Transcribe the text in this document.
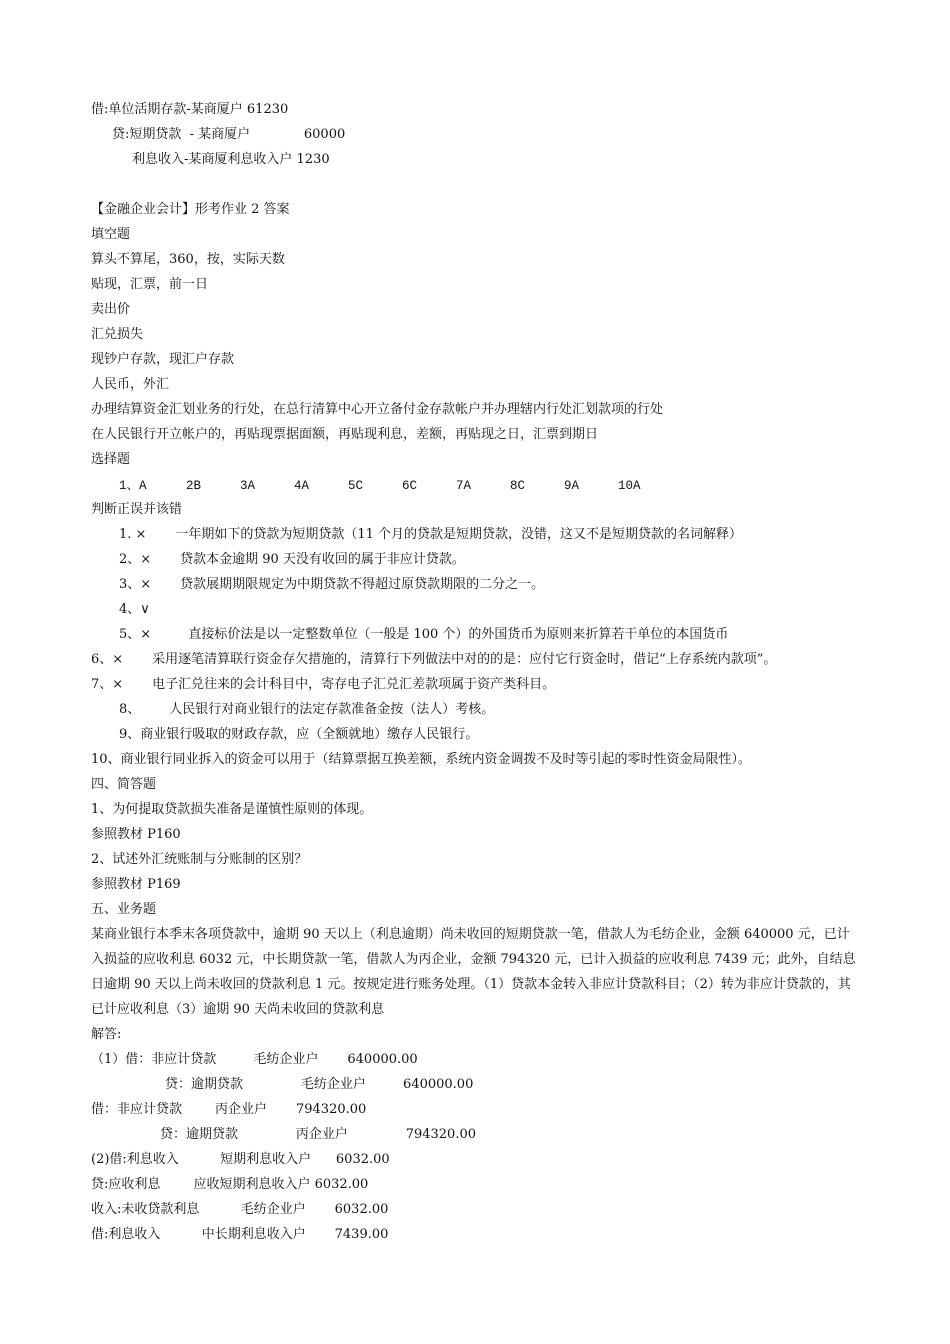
借:单位活期存款-某商厦户 61230
贷:短期贷款  - 某商厦户             60000
利息收入-某商厦利息收入户 1230
【金融企业会计】形考作业 2 答案
填空题
算头不算尾，360，按，实际天数
贴现，汇票，前一日
卖出价
汇兑损失
现钞户存款，现汇户存款
人民币，外汇
办理结算资金汇划业务的行处，在总行清算中心开立备付金存款帐户并办理辖内行处汇划款项的行处
在人民银行开立帐户的，再贴现票据面额，再贴现利息，差额，再贴现之日，汇票到期日
选择题
1、A	2B	3A	4A	5C	6C	7A	8C	9A	10A
判断正误并该错
1. ×       一年期如下的贷款为短期贷款（11 个月的贷款是短期贷款，没错，这又不是短期贷款的名词解释）
2、×       贷款本金逾期 90 天没有收回的属于非应计贷款。
3、×       贷款展期期限规定为中期贷款不得超过原贷款期限的二分之一。
4、∨
5、×         直接标价法是以一定整数单位（一般是 100 个）的外国货币为原则来折算若干单位的本国货币
6、×       采用逐笔清算联行资金存欠措施的，清算行下列做法中对的的是：应付它行资金时，借记“上存系统内款项”。
7、×       电子汇兑往来的会计科目中，寄存电子汇兑汇差款项属于资产类科目。
8、       人民银行对商业银行的法定存款准备金按（法人）考核。
9、商业银行吸取的财政存款，应（全额就地）缴存人民银行。
10、商业银行同业拆入的资金可以用于（结算票据互换差额，系统内资金调拨不及时等引起的零时性资金局限性）。
四、简答题
1、为何提取贷款损失准备是谨慎性原则的体现。
参照教材 P160
2、试述外汇统账制与分账制的区别？
参照教材 P169
五、业务题
某商业银行本季末各项贷款中，逾期 90 天以上（利息逾期）尚未收回的短期贷款一笔，借款人为毛纺企业，金额 640000 元，已计入损益的应收利息 6032 元，中长期贷款一笔，借款人为丙企业，金额 794320 元，已计入损益的应收利息 7439 元；此外，自结息日逾期 90 天以上尚未收回的贷款利息 1 元。按规定进行账务处理。（1）贷款本金转入非应计贷款科目；（2）转为非应计贷款的，其已计应收利息（3）逾期 90 天尚未收回的贷款利息
解答:
（1）借：非应计贷款         毛纺企业户       640000.00
贷：逾期贷款              毛纺企业户         640000.00
借：非应计贷款        丙企业户       794320.00
贷：逾期贷款              丙企业户              794320.00
(2)借:利息收入          短期利息收入户      6032.00
贷:应收利息        应收短期利息收入户 6032.00
收入:未收贷款利息          毛纺企业户       6032.00
借:利息收入          中长期利息收入户       7439.00
